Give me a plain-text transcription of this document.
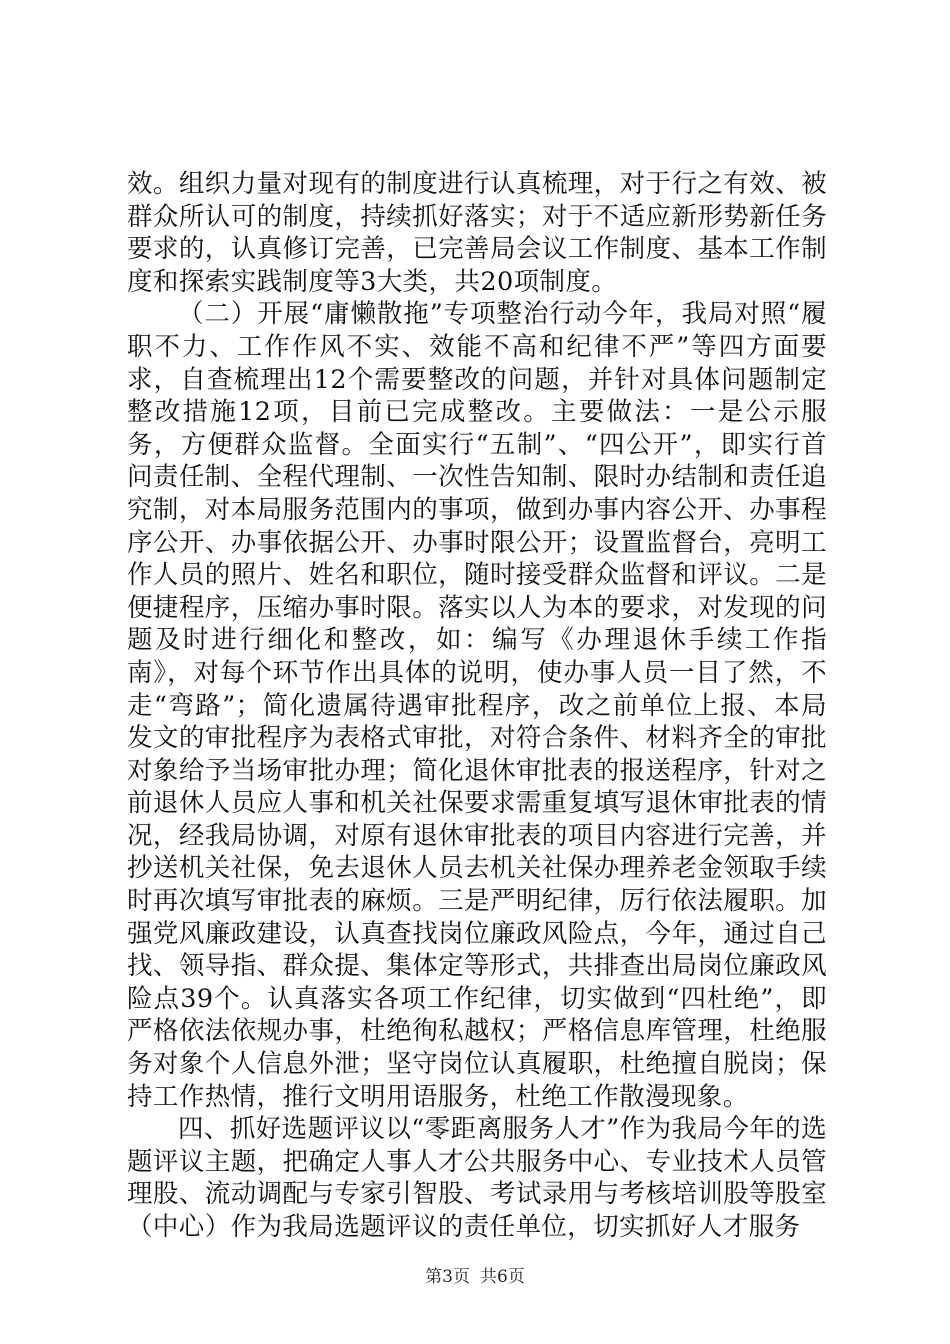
效。组织力量对现有的制度进行认真梳理，对于行之有效、被群众所认可的制度，持续抓好落实；对于不适应新形势新任务要求的，认真修订完善，已完善局会议工作制度、基本工作制度和探索实践制度等3大类，共20项制度。

（二）开展“庸懒散拖”专项整治行动今年，我局对照“履职不力、工作作风不实、效能不高和纪律不严”等四方面要求，自查梳理出12个需要整改的问题，并针对具体问题制定整改措施12项，目前已完成整改。主要做法：一是公示服务，方便群众监督。全面实行“五制”、“四公开”，即实行首问责任制、全程代理制、一次性告知制、限时办结制和责任追究制，对本局服务范围内的事项，做到办事内容公开、办事程序公开、办事依据公开、办事时限公开；设置监督台，亮明工作人员的照片、姓名和职位，随时接受群众监督和评议。二是便捷程序，压缩办事时限。落实以人为本的要求，对发现的问题及时进行细化和整改，如：编写《办理退休手续工作指南》，对每个环节作出具体的说明，使办事人员一目了然，不走“弯路”；简化遗属待遇审批程序，改之前单位上报、本局发文的审批程序为表格式审批，对符合条件、材料齐全的审批对象给予当场审批办理；简化退休审批表的报送程序，针对之前退休人员应人事和机关社保要求需重复填写退休审批表的情况，经我局协调，对原有退休审批表的项目内容进行完善，并抄送机关社保，免去退休人员去机关社保办理养老金领取手续时再次填写审批表的麻烦。三是严明纪律，厉行依法履职。加强党风廉政建设，认真查找岗位廉政风险点，今年，通过自己找、领导指、群众提、集体定等形式，共排查出局岗位廉政风险点39个。认真落实各项工作纪律，切实做到“四杜绝”，即严格依法依规办事，杜绝徇私越权；严格信息库管理，杜绝服务对象个人信息外泄；坚守岗位认真履职，杜绝擅自脱岗；保持工作热情，推行文明用语服务，杜绝工作散漫现象。

四、抓好选题评议以“零距离服务人才”作为我局今年的选题评议主题，把确定人事人才公共服务中心、专业技术人员管理股、流动调配与专家引智股、考试录用与考核培训股等股室（中心）作为我局选题评议的责任单位，切实抓好人才服务

第3页 共6页
